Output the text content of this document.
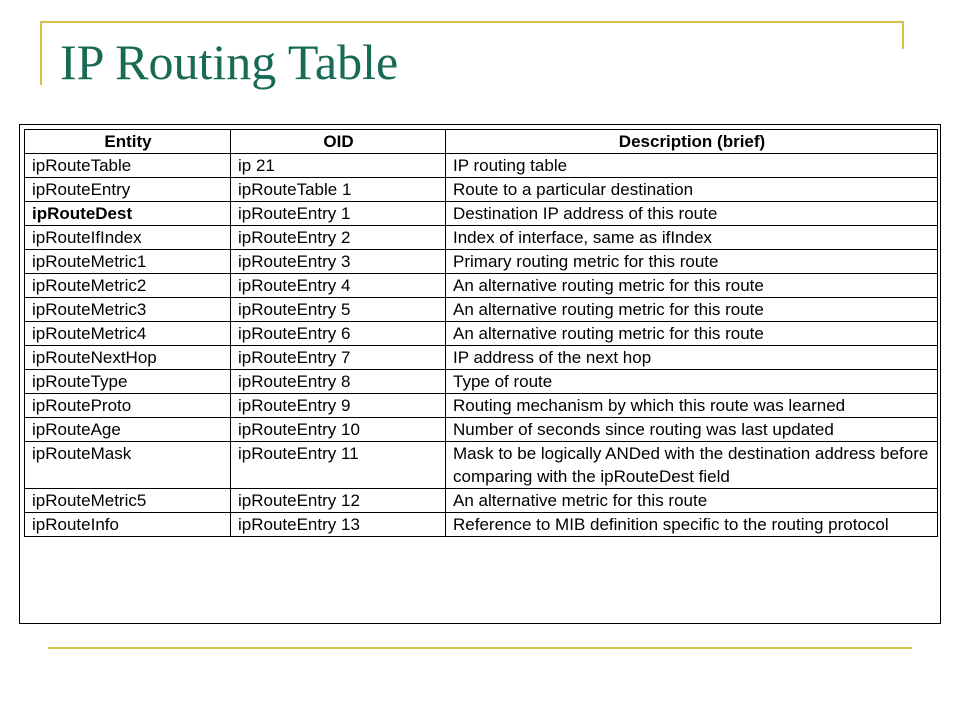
IP Routing Table
Entity	OID	Description (brief)
ipRouteTable	ip 21	IP routing table
ipRouteEntry	ipRouteTable 1	Route to a particular destination
ipRouteDest	ipRouteEntry 1	Destination IP address of this route
ipRouteIfIndex	ipRouteEntry 2	Index of interface, same as ifIndex
ipRouteMetric1	ipRouteEntry 3	Primary routing metric for this route
ipRouteMetric2	ipRouteEntry 4	An alternative routing metric for this route
ipRouteMetric3	ipRouteEntry 5	An alternative routing metric for this route
ipRouteMetric4	ipRouteEntry 6	An alternative routing metric for this route
ipRouteNextHop	ipRouteEntry 7	IP address of the next hop
ipRouteType	ipRouteEntry 8	Type of route
ipRouteProto	ipRouteEntry 9	Routing mechanism by which this route was learned
ipRouteAge	ipRouteEntry 10	Number of seconds since routing was last updated
ipRouteMask	ipRouteEntry 11	Mask to be logically ANDed with the destination address before comparing with the ipRouteDest field
ipRouteMetric5	ipRouteEntry 12	An alternative metric for this route
ipRouteInfo	ipRouteEntry 13	Reference to MIB definition specific to the routing protocol
